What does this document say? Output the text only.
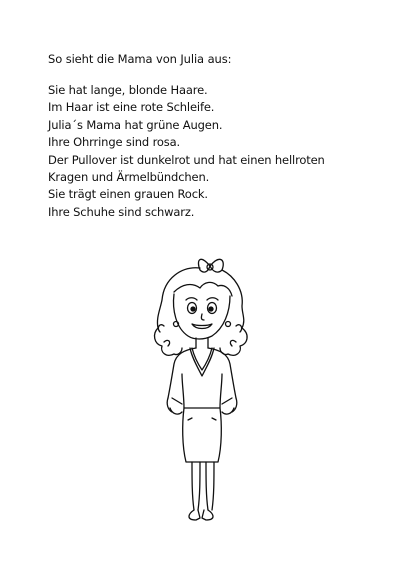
So sieht die Mama von Julia aus:
Sie hat lange, blonde Haare.
Im Haar ist eine rote Schleife.
Julia´s Mama hat grüne Augen.
Ihre Ohrringe sind rosa.
Der Pullover ist dunkelrot und hat einen hellroten
Kragen und Ärmelbündchen.
Sie trägt einen grauen Rock.
Ihre Schuhe sind schwarz.
